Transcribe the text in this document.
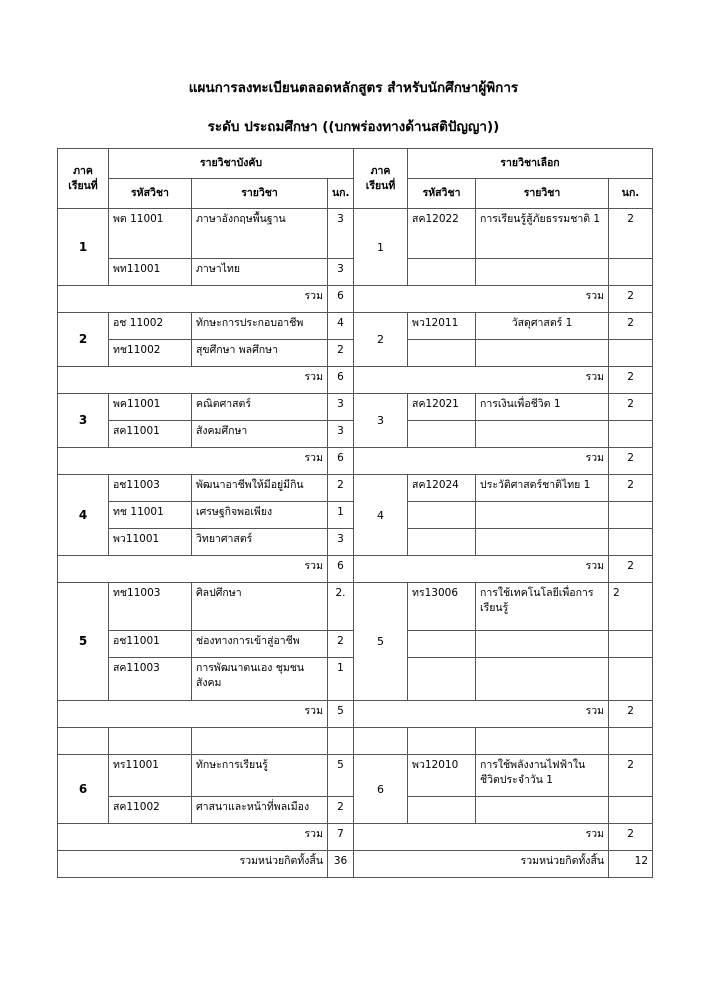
แผนการลงทะเบียนตลอดหลักสูตร สำหรับนักศึกษาผู้พิการ
ระดับ ประถมศึกษา ((บกพร่องทางด้านสติปัญญา))
ภาค เรียนที่	รายวิชาบังคับ			ภาค เรียนที่	รายวิชาเลือก		
	รหัสวิชา	รายวิชา	นก.		รหัสวิชา	รายวิชา	นก.
1	พต 11001	ภาษาอังกฤษพื้นฐาน	3	1	สค12022	การเรียนรู้สู้ภัยธรรมชาติ 1	2
	พท11001	ภาษาไทย	3				
รวม			6	รวม			2
2	อช 11002	ทักษะการประกอบอาชีพ	4	2	พว12011	วัสดุศาสตร์ 1	2
	ทช11002	สุขศึกษา พลศึกษา	2				
รวม			6	รวม			2
3	พค11001	คณิตศาสตร์	3	3	สค12021	การเงินเพื่อชีวิต 1	2
	สค11001	สังคมศึกษา	3				
รวม			6	รวม			2
4	อช11003	พัฒนาอาชีพให้มีอยู่มีกิน	2	4	สค12024	ประวัติศาสตร์ชาติไทย 1	2
	ทช 11001	เศรษฐกิจพอเพียง	1				
	พว11001	วิทยาศาสตร์	3				
รวม			6	รวม			2
5	ทช11003	ศิลปศึกษา	2.	5	ทร13006	การใช้เทคโนโลยีเพื่อการเรียนรู้	2
	อช11001	ช่องทางการเข้าสู่อาชีพ	2				
	สค11003	การพัฒนาตนเอง ชุมชน สังคม	1				
รวม			5	รวม			2

6	ทร11001	ทักษะการเรียนรู้	5	6	พว12010	การใช้พลังงานไฟฟ้าในชีวิตประจำวัน 1	2
	สค11002	ศาสนาและหน้าที่พลเมือง	2				
รวม			7	รวม			2
รวมหน่วยกิตทั้งสิ้น			36	รวมหน่วยกิตทั้งสิ้น			12
